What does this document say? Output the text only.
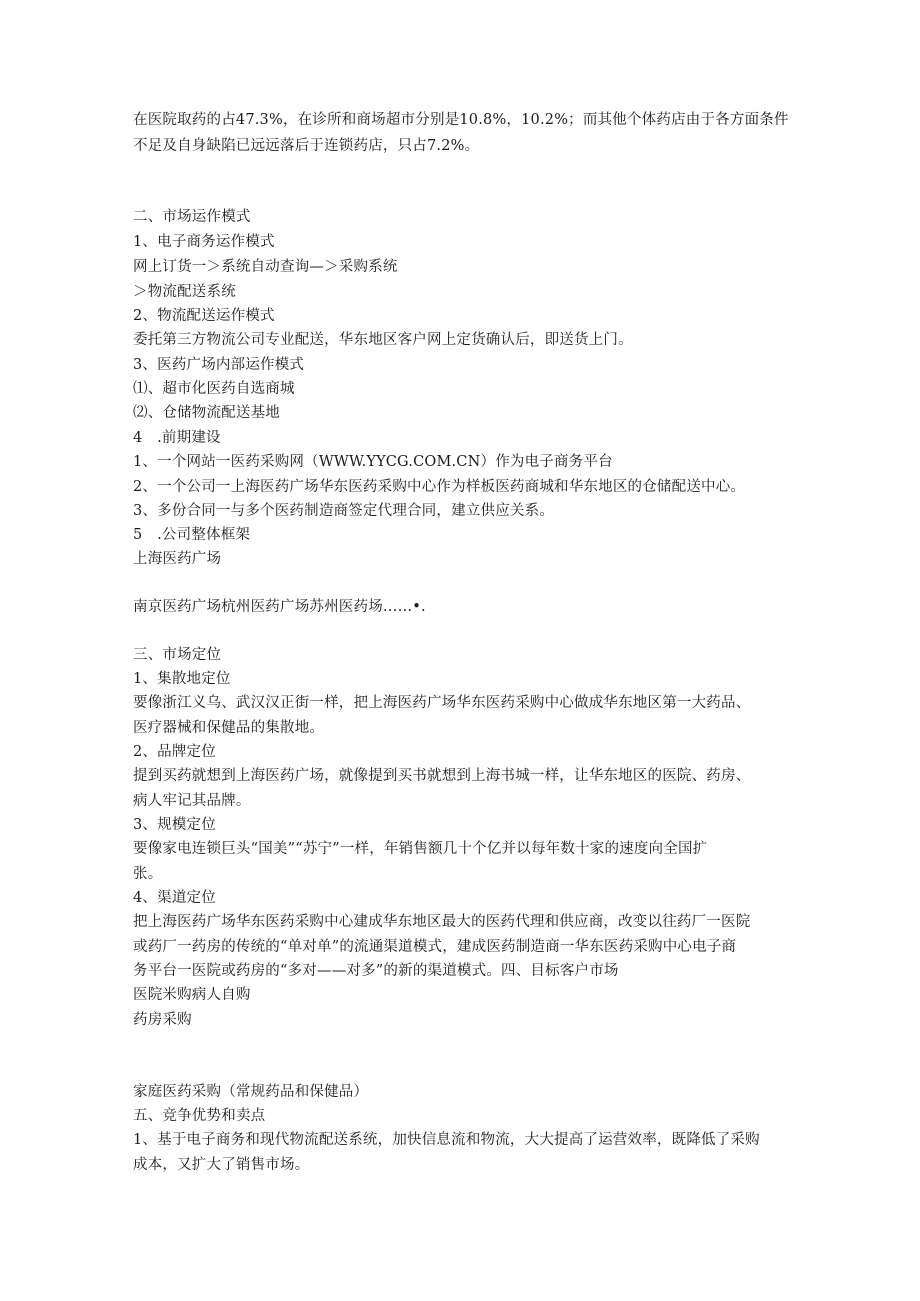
在医院取药的占47.3%，在诊所和商场超市分别是10.8%，10.2%；而其他个体药店由于各方面条件
不足及自身缺陷已远远落后于连锁药店，只占7.2%。
二、市场运作模式
1、电子商务运作模式
网上订货一＞系统自动查询—＞采购系统
＞物流配送系统
2、物流配送运作模式
委托第三方物流公司专业配送，华东地区客户网上定货确认后，即送货上门。
3、医药广场内部运作模式
⑴、超市化医药自选商城
⑵、仓储物流配送基地
4　.前期建设
1、一个网站一医药采购网（WWW.YYCG.COM.CN）作为电子商务平台
2、一个公司一上海医药广场华东医药采购中心作为样板医药商城和华东地区的仓储配送中心。
3、多份合同一与多个医药制造商签定代理合同，建立供应关系。
5　.公司整体框架
上海医药广场
南京医药广场杭州医药广场苏州医药场……•.
三、市场定位
1、集散地定位
要像浙江义乌、武汉汉正街一样，把上海医药广场华东医药采购中心做成华东地区第一大药品、
医疗器械和保健品的集散地。
2、品牌定位
提到买药就想到上海医药广场，就像提到买书就想到上海书城一样，让华东地区的医院、药房、
病人牢记其品牌。
3、规模定位
要像家电连锁巨头“国美”“苏宁”一样，年销售额几十个亿并以每年数十家的速度向全国扩
张。
4、渠道定位
把上海医药广场华东医药采购中心建成华东地区最大的医药代理和供应商，改变以往药厂一医院
或药厂一药房的传统的“单对单”的流通渠道模式，建成医药制造商一华东医药采购中心电子商
务平台一医院或药房的“多对——对多”的新的渠道模式。四、目标客户市场
医院米购病人自购
药房采购
家庭医药采购（常规药品和保健品）
五、竞争优势和卖点
1、基于电子商务和现代物流配送系统，加快信息流和物流，大大提高了运营效率，既降低了采购
成本，又扩大了销售市场。
